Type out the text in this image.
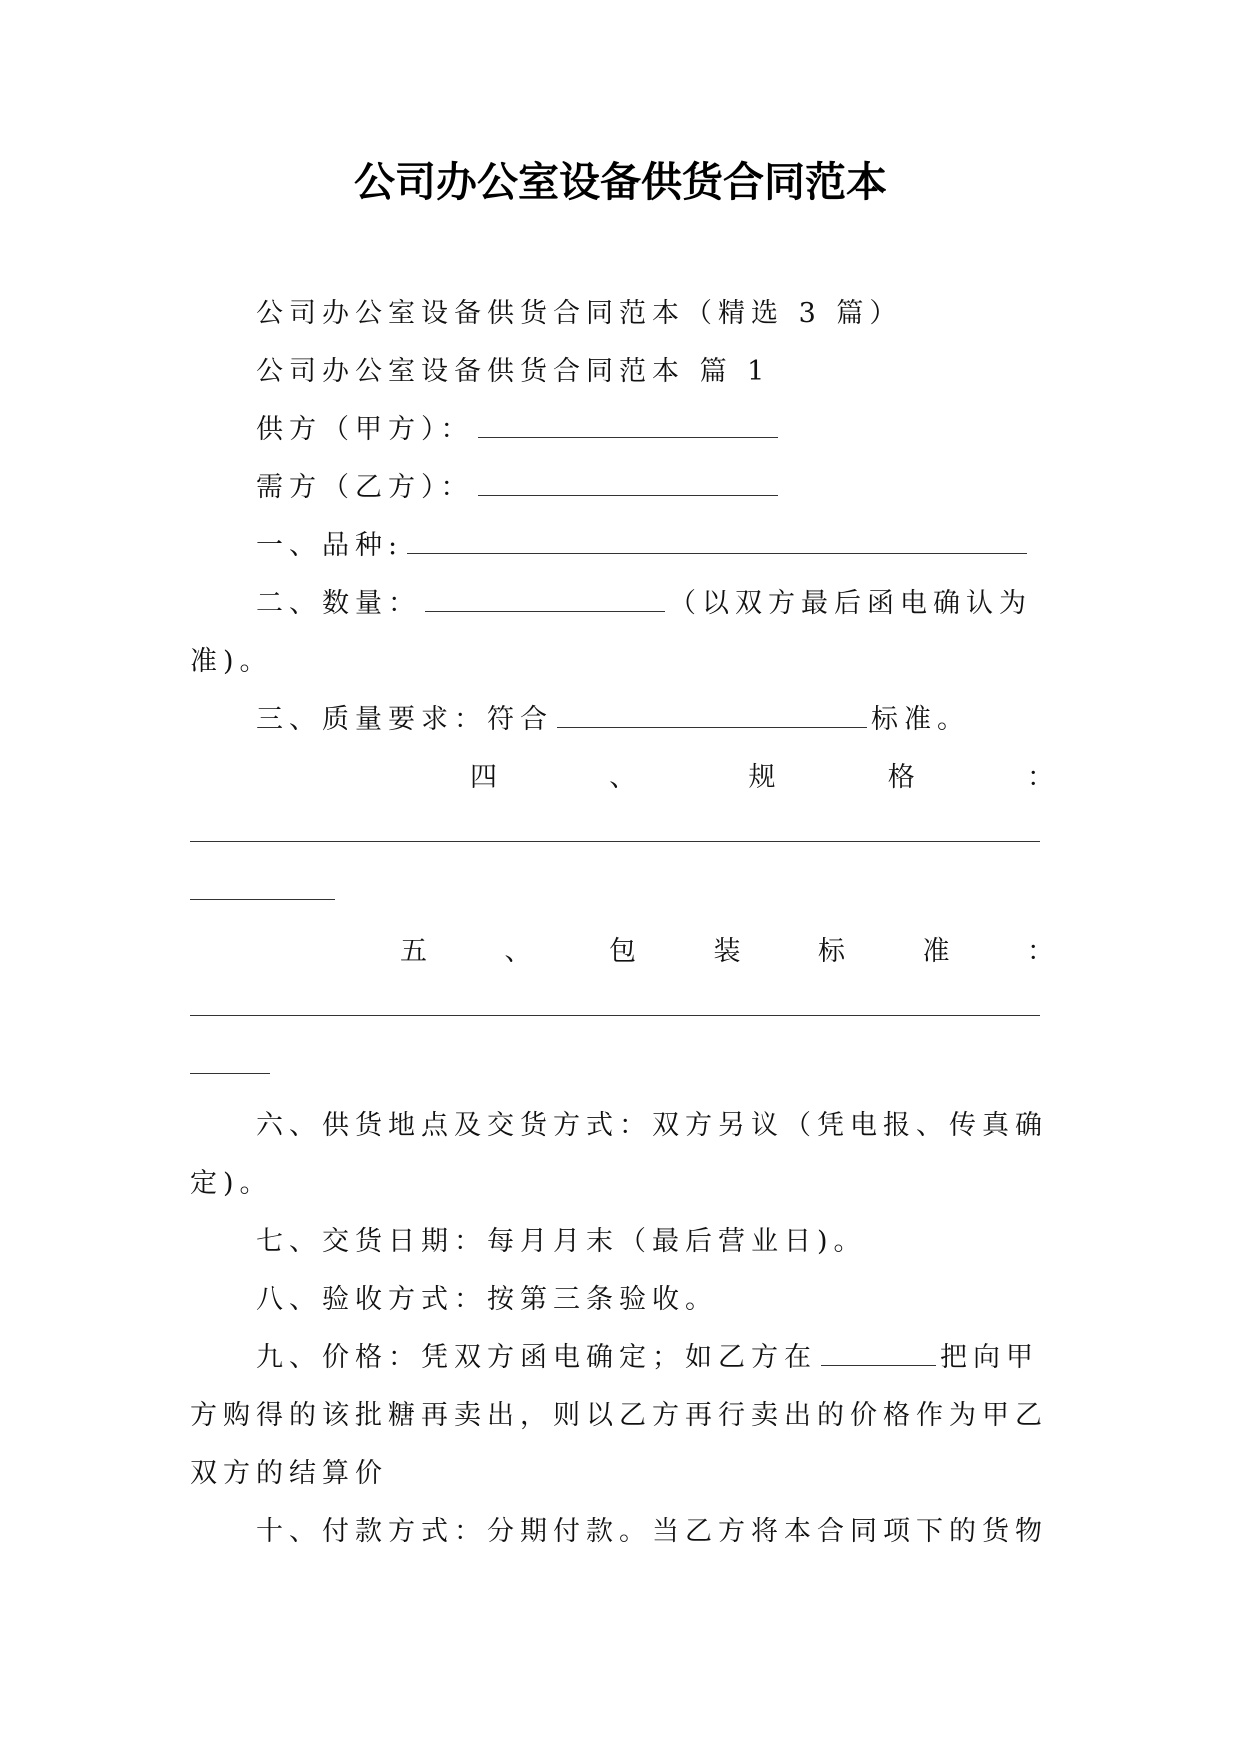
公司办公室设备供货合同范本
公司办公室设备供货合同范本（精选 3 篇）
公司办公室设备供货合同范本 篇 1
供方（甲方）：
需方（乙方）：
一、品种:
二、数量：	（以双方最后函电确认为
准)。
三、质量要求：符合	标准。
四	、	规	格	：
五	、	包	装	标	准	：
六、供货地点及交货方式：双方另议（凭电报、传真确
定)。
七、交货日期：每月月末（最后营业日)。
八、验收方式：按第三条验收。
九、价格：凭双方函电确定；如乙方在	把向甲
方购得的该批糖再卖出，则以乙方再行卖出的价格作为甲乙
双方的结算价
十、付款方式：分期付款。当乙方将本合同项下的货物
